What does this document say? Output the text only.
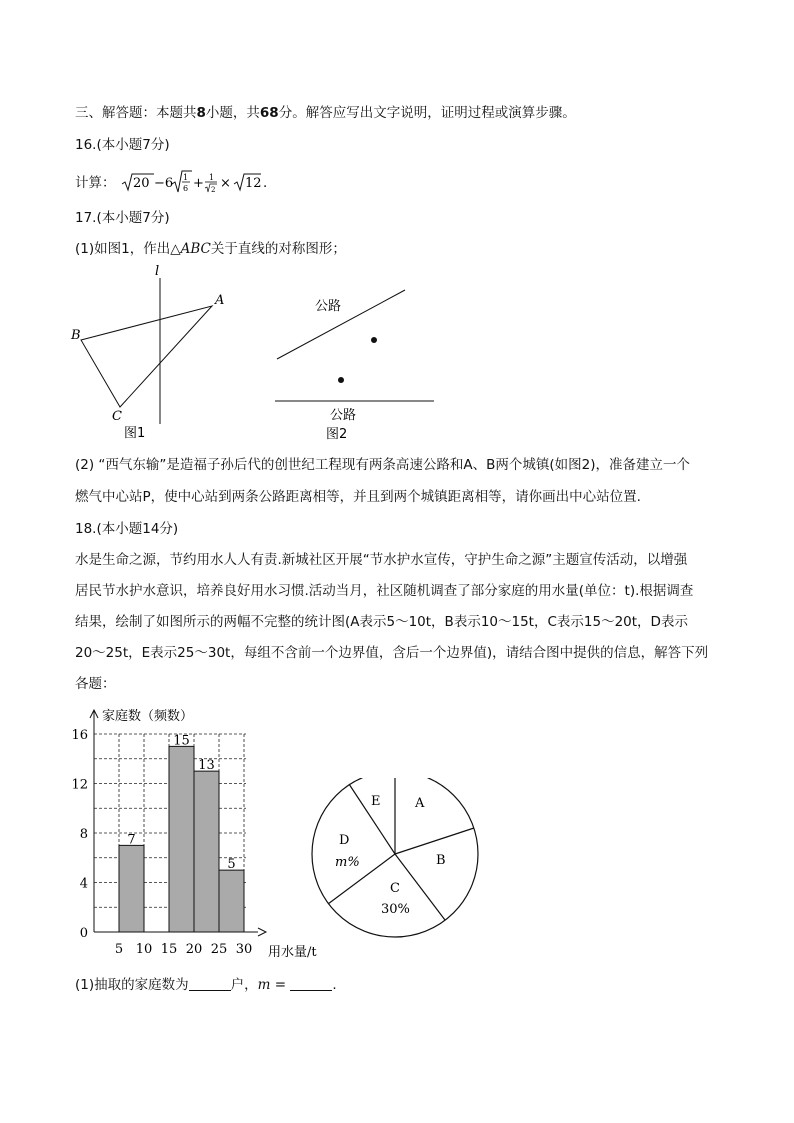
三、解答题：本题共8小题，共68分。解答应写出文字说明，证明过程或演算步骤。
16.(本小题7分)
计算： 20 −6 1
6 + 1
2 × 12 .
17.(本小题7分)
(1)如图1，作出△ABC关于直线的对称图形；
l
A
B
C
图1
公路
公路
图2
(2) “西气东输”是造福子孙后代的创世纪工程现有两条高速公路和A、B两个城镇(如图2)，准备建立一个
燃气中心站P，使中心站到两条公路距离相等，并且到两个城镇距离相等，请你画出中心站位置.
18.(本小题14分)
水是生命之源，节约用水人人有责.新城社区开展“节水护水宣传，守护生命之源”主题宣传活动，以增强
居民节水护水意识，培养良好用水习惯.活动当月，社区随机调查了部分家庭的用水量(单位：t).根据调查
结果，绘制了如图所示的两幅不完整的统计图(A表示5～10t，B表示10～15t，C表示15～20t，D表示
20～25t，E表示25～30t，每组不含前一个边界值，含后一个边界值)，请结合图中提供的信息，解答下列
各题：
7
15
13
5
0
4
8
12
16
5 10 15 20 25 30
家庭数（频数）
用水量/t
A
B
C
30%
D
m%
E
(1)抽取的家庭数为	户，m =	.
